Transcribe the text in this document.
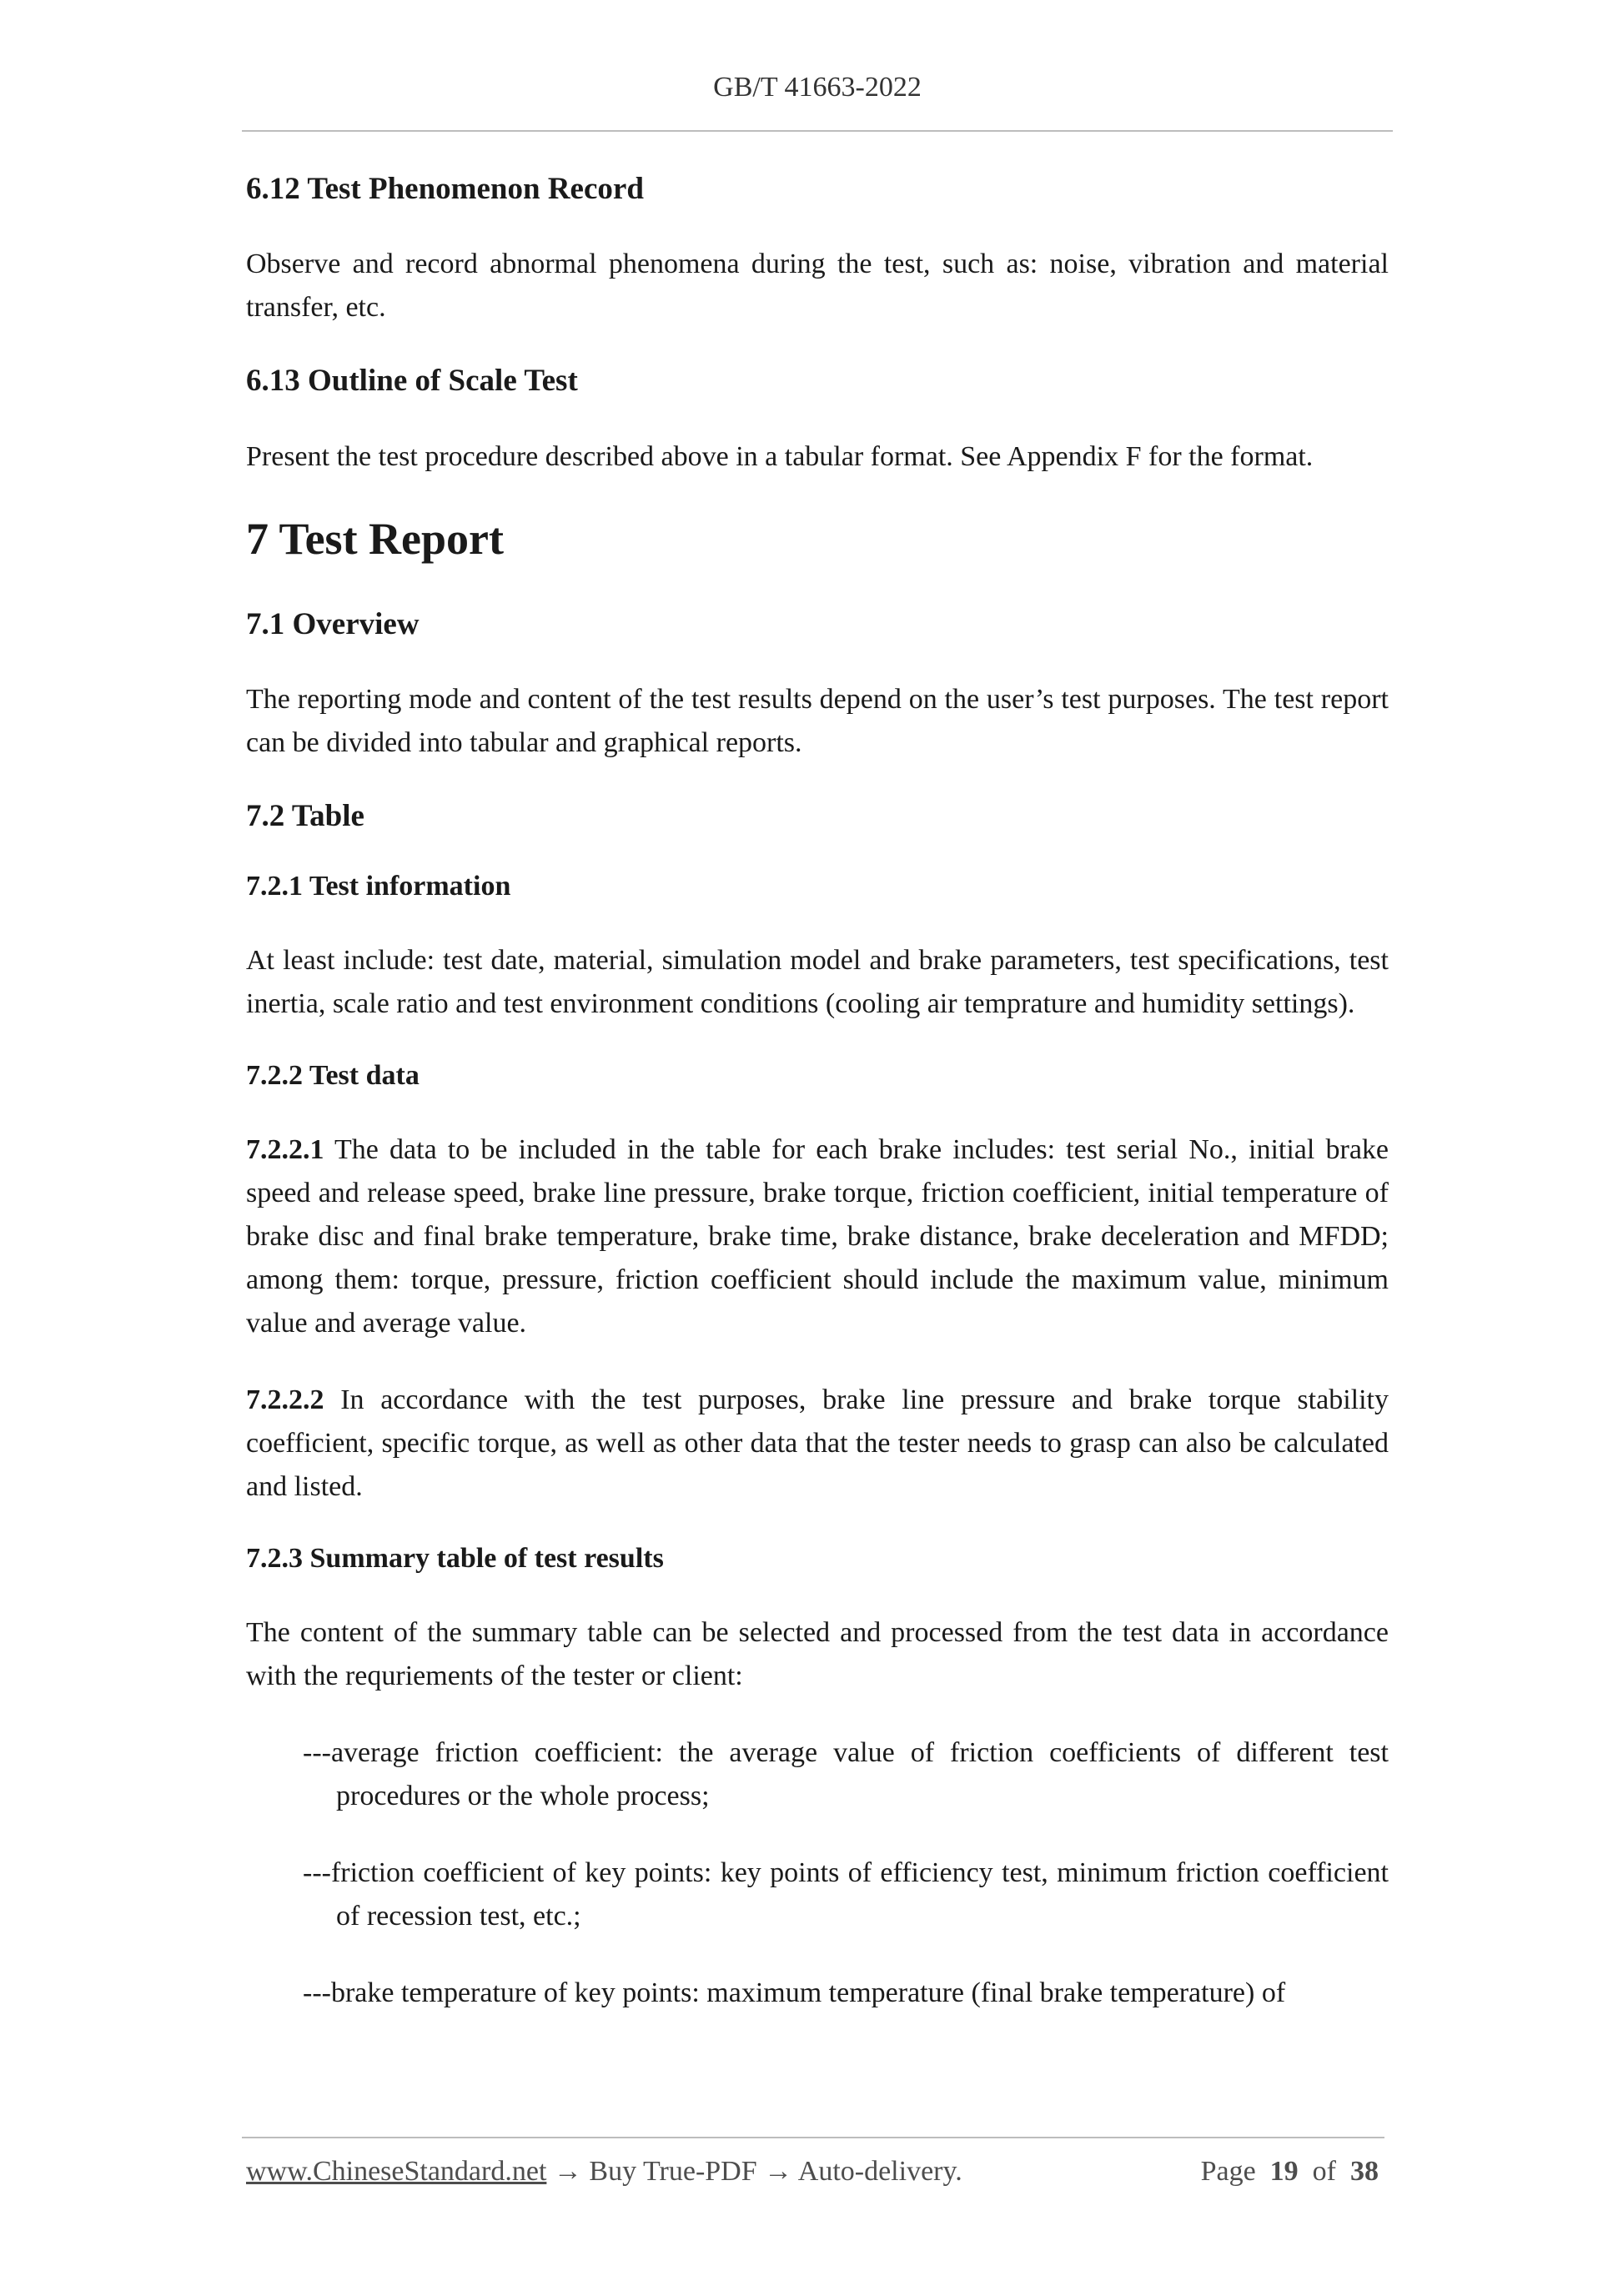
GB/T 41663-2022
6.12 Test Phenomenon Record
Observe and record abnormal phenomena during the test, such as: noise, vibration and material transfer, etc.
6.13 Outline of Scale Test
Present the test procedure described above in a tabular format. See Appendix F for the format.
7 Test Report
7.1 Overview
The reporting mode and content of the test results depend on the user’s test purposes. The test report can be divided into tabular and graphical reports.
7.2 Table
7.2.1 Test information
At least include: test date, material, simulation model and brake parameters, test specifications, test inertia, scale ratio and test environment conditions (cooling air temprature and humidity settings).
7.2.2 Test data
7.2.2.1 The data to be included in the table for each brake includes: test serial No., initial brake speed and release speed, brake line pressure, brake torque, friction coefficient, initial temperature of brake disc and final brake temperature, brake time, brake distance, brake deceleration and MFDD; among them: torque, pressure, friction coefficient should include the maximum value, minimum value and average value.
7.2.2.2 In accordance with the test purposes, brake line pressure and brake torque stability coefficient, specific torque, as well as other data that the tester needs to grasp can also be calculated and listed.
7.2.3 Summary table of test results
The content of the summary table can be selected and processed from the test data in accordance with the requriements of the tester or client:
---average friction coefficient: the average value of friction coefficients of different test procedures or the whole process;
---friction coefficient of key points: key points of efficiency test, minimum friction coefficient of recession test, etc.;
---brake temperature of key points: maximum temperature (final brake temperature) of
www.ChineseStandard.net → Buy True-PDF → Auto-delivery.	Page 19 of 38
